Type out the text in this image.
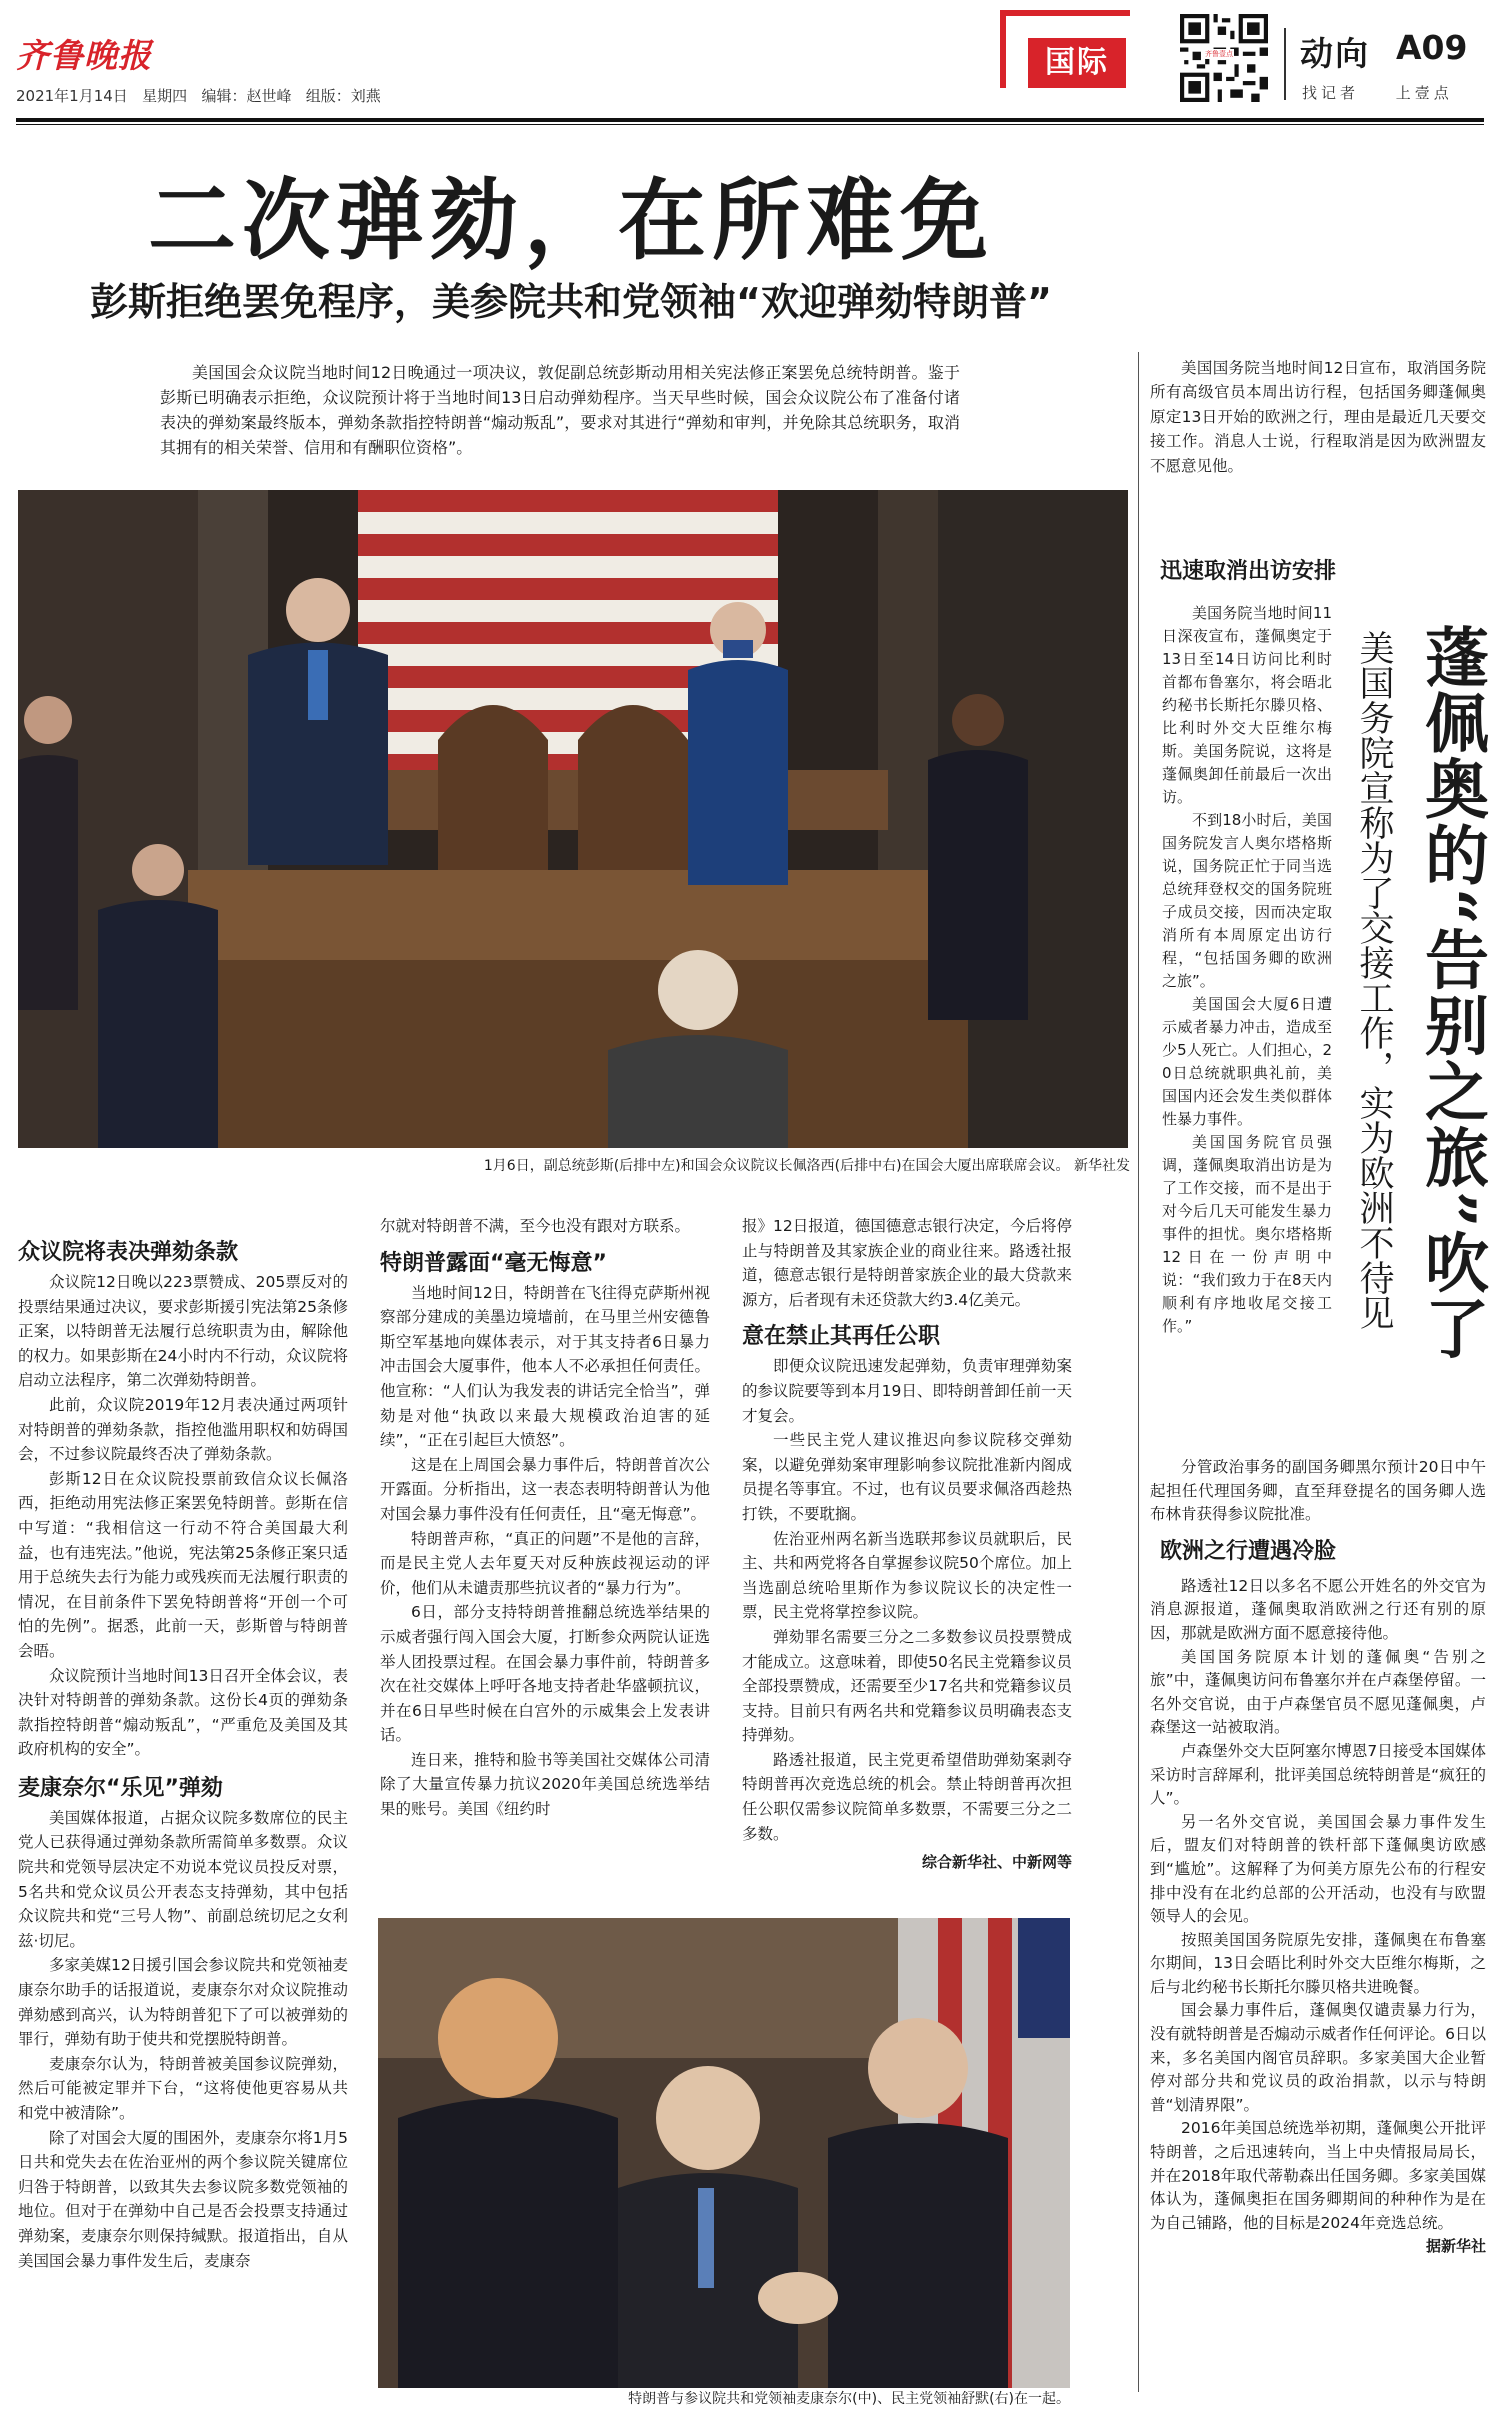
齐鲁晚报
2021年1月14日 星期四 编辑：赵世峰 组版：刘燕
国际	齐鲁壹点 动向 A09
找记者 上壹点
二次弹劾，在所难免
彭斯拒绝罢免程序，美参院共和党领袖“欢迎弹劾特朗普”

美国国会众议院当地时间12日晚通过一项决议，敦促副总统彭斯动用相关宪法修正案罢免总统特朗普。鉴于彭斯已明确表示拒绝，众议院预计将于当地时间13日启动弹劾程序。当天早些时候，国会众议院公布了准备付诸表决的弹劾案最终版本，弹劾条款指控特朗普“煽动叛乱”，要求对其进行“弹劾和审判，并免除其总统职务，取消其拥有的相关荣誉、信用和有酬职位资格”。

1月6日，副总统彭斯(后排中左)和国会众议院议长佩洛西(后排中右)在国会大厦出席联席会议。 新华社发

众议院将表决弹劾条款

众议院12日晚以223票赞成、205票反对的投票结果通过决议，要求彭斯援引宪法第25条修正案，以特朗普无法履行总统职责为由，解除他的权力。如果彭斯在24小时内不行动，众议院将启动立法程序，第二次弹劾特朗普。

此前，众议院2019年12月表决通过两项针对特朗普的弹劾条款，指控他滥用职权和妨碍国会，不过参议院最终否决了弹劾条款。

彭斯12日在众议院投票前致信众议长佩洛西，拒绝动用宪法修正案罢免特朗普。彭斯在信中写道：“我相信这一行动不符合美国最大利益，也有违宪法。”他说，宪法第25条修正案只适用于总统失去行为能力或残疾而无法履行职责的情况，在目前条件下罢免特朗普将“开创一个可怕的先例”。据悉，此前一天，彭斯曾与特朗普会晤。

众议院预计当地时间13日召开全体会议，表决针对特朗普的弹劾条款。这份长4页的弹劾条款指控特朗普“煽动叛乱”，“严重危及美国及其政府机构的安全”。

麦康奈尔“乐见”弹劾

美国媒体报道，占据众议院多数席位的民主党人已获得通过弹劾条款所需简单多数票。众议院共和党领导层决定不劝说本党议员投反对票，5名共和党众议员公开表态支持弹劾，其中包括众议院共和党“三号人物”、前副总统切尼之女利兹·切尼。

多家美媒12日援引国会参议院共和党领袖麦康奈尔助手的话报道说，麦康奈尔对众议院推动弹劾感到高兴，认为特朗普犯下了可以被弹劾的罪行，弹劾有助于使共和党摆脱特朗普。

麦康奈尔认为，特朗普被美国参议院弹劾，然后可能被定罪并下台，“这将使他更容易从共和党中被清除”。

除了对国会大厦的围困外，麦康奈尔将1月5日共和党失去在佐治亚州的两个参议院关键席位归咎于特朗普，以致其失去参议院多数党领袖的地位。但对于在弹劾中自己是否会投票支持通过弹劾案，麦康奈尔则保持缄默。报道指出，自从美国国会暴力事件发生后，麦康奈

尔就对特朗普不满，至今也没有跟对方联系。

特朗普露面“毫无悔意”

当地时间12日，特朗普在飞往得克萨斯州视察部分建成的美墨边境墙前，在马里兰州安德鲁斯空军基地向媒体表示，对于其支持者6日暴力冲击国会大厦事件，他本人不必承担任何责任。他宣称：“人们认为我发表的讲话完全恰当”，弹劾是对他“执政以来最大规模政治迫害的延续”，“正在引起巨大愤怒”。

这是在上周国会暴力事件后，特朗普首次公开露面。分析指出，这一表态表明特朗普认为他对国会暴力事件没有任何责任，且“毫无悔意”。

特朗普声称，“真正的问题”不是他的言辞，而是民主党人去年夏天对反种族歧视运动的评价，他们从未谴责那些抗议者的“暴力行为”。

6日，部分支持特朗普推翻总统选举结果的示威者强行闯入国会大厦，打断参众两院认证选举人团投票过程。在国会暴力事件前，特朗普多次在社交媒体上呼吁各地支持者赴华盛顿抗议，并在6日早些时候在白宫外的示威集会上发表讲话。

连日来，推特和脸书等美国社交媒体公司清除了大量宣传暴力抗议2020年美国总统选举结果的账号。美国《纽约时

报》12日报道，德国德意志银行决定，今后将停止与特朗普及其家族企业的商业往来。路透社报道，德意志银行是特朗普家族企业的最大贷款来源方，后者现有未还贷款大约3.4亿美元。

意在禁止其再任公职

即便众议院迅速发起弹劾，负责审理弹劾案的参议院要等到本月19日、即特朗普卸任前一天才复会。

一些民主党人建议推迟向参议院移交弹劾案，以避免弹劾案审理影响参议院批准新内阁成员提名等事宜。不过，也有议员要求佩洛西趁热打铁，不要耽搁。

佐治亚州两名新当选联邦参议员就职后，民主、共和两党将各自掌握参议院50个席位。加上当选副总统哈里斯作为参议院议长的决定性一票，民主党将掌控参议院。

弹劾罪名需要三分之二多数参议员投票赞成才能成立。这意味着，即使50名民主党籍参议员全部投票赞成，还需要至少17名共和党籍参议员支持。目前只有两名共和党籍参议员明确表态支持弹劾。

路透社报道，民主党更希望借助弹劾案剥夺特朗普再次竞选总统的机会。禁止特朗普再次担任公职仅需参议院简单多数票，不需要三分之二多数。

综合新华社、中新网等
特朗普与参议院共和党领袖麦康奈尔(中)、民主党领袖舒默(右)在一起。

美国国务院当地时间12日宣布，取消国务院所有高级官员本周出访行程，包括国务卿蓬佩奥原定13日开始的欧洲之行，理由是最近几天要交接工作。消息人士说，行程取消是因为欧洲盟友不愿意见他。

迅速取消出访安排

美国务院当地时间11日深夜宣布，蓬佩奥定于13日至14日访问比利时首都布鲁塞尔，将会晤北约秘书长斯托尔滕贝格、比利时外交大臣维尔梅斯。美国务院说，这将是蓬佩奥卸任前最后一次出访。

不到18小时后，美国国务院发言人奥尔塔格斯说，国务院正忙于同当选总统拜登权交的国务院班子成员交接，因而决定取消所有本周原定出访行程，“包括国务卿的欧洲之旅”。

美国国会大厦6日遭示威者暴力冲击，造成至少5人死亡。人们担心，20日总统就职典礼前，美国国内还会发生类似群体性暴力事件。

美国国务院官员强调，蓬佩奥取消出访是为了工作交接，而不是出于对今后几天可能发生暴力事件的担忧。奥尔塔格斯12日在一份声明中说：“我们致力于在8天内顺利有序地收尾交接工作。”	蓬佩奥的“告别之旅”吹了
美国务院宣称为了交接工作，实为欧洲不待见

分管政治事务的副国务卿黑尔预计20日中午起担任代理国务卿，直至拜登提名的国务卿人选布林肯获得参议院批准。

欧洲之行遭遇冷脸

路透社12日以多名不愿公开姓名的外交官为消息源报道，蓬佩奥取消欧洲之行还有别的原因，那就是欧洲方面不愿意接待他。

美国国务院原本计划的蓬佩奥“告别之旅”中，蓬佩奥访问布鲁塞尔并在卢森堡停留。一名外交官说，由于卢森堡官员不愿见蓬佩奥，卢森堡这一站被取消。

卢森堡外交大臣阿塞尔博恩7日接受本国媒体采访时言辞犀利，批评美国总统特朗普是“疯狂的人”。

另一名外交官说，美国国会暴力事件发生后，盟友们对特朗普的铁杆部下蓬佩奥访欧感到“尴尬”。这解释了为何美方原先公布的行程安排中没有在北约总部的公开活动，也没有与欧盟领导人的会见。

按照美国国务院原先安排，蓬佩奥在布鲁塞尔期间，13日会晤比利时外交大臣维尔梅斯，之后与北约秘书长斯托尔滕贝格共进晚餐。

国会暴力事件后，蓬佩奥仅谴责暴力行为，没有就特朗普是否煽动示威者作任何评论。6日以来，多名美国内阁官员辞职。多家美国大企业暂停对部分共和党议员的政治捐款，以示与特朗普“划清界限”。

2016年美国总统选举初期，蓬佩奥公开批评特朗普，之后迅速转向，当上中央情报局局长，并在2018年取代蒂勒森出任国务卿。多家美国媒体认为，蓬佩奥拒在国务卿期间的种种作为是在为自己铺路，他的目标是2024年竞选总统。

据新华社
